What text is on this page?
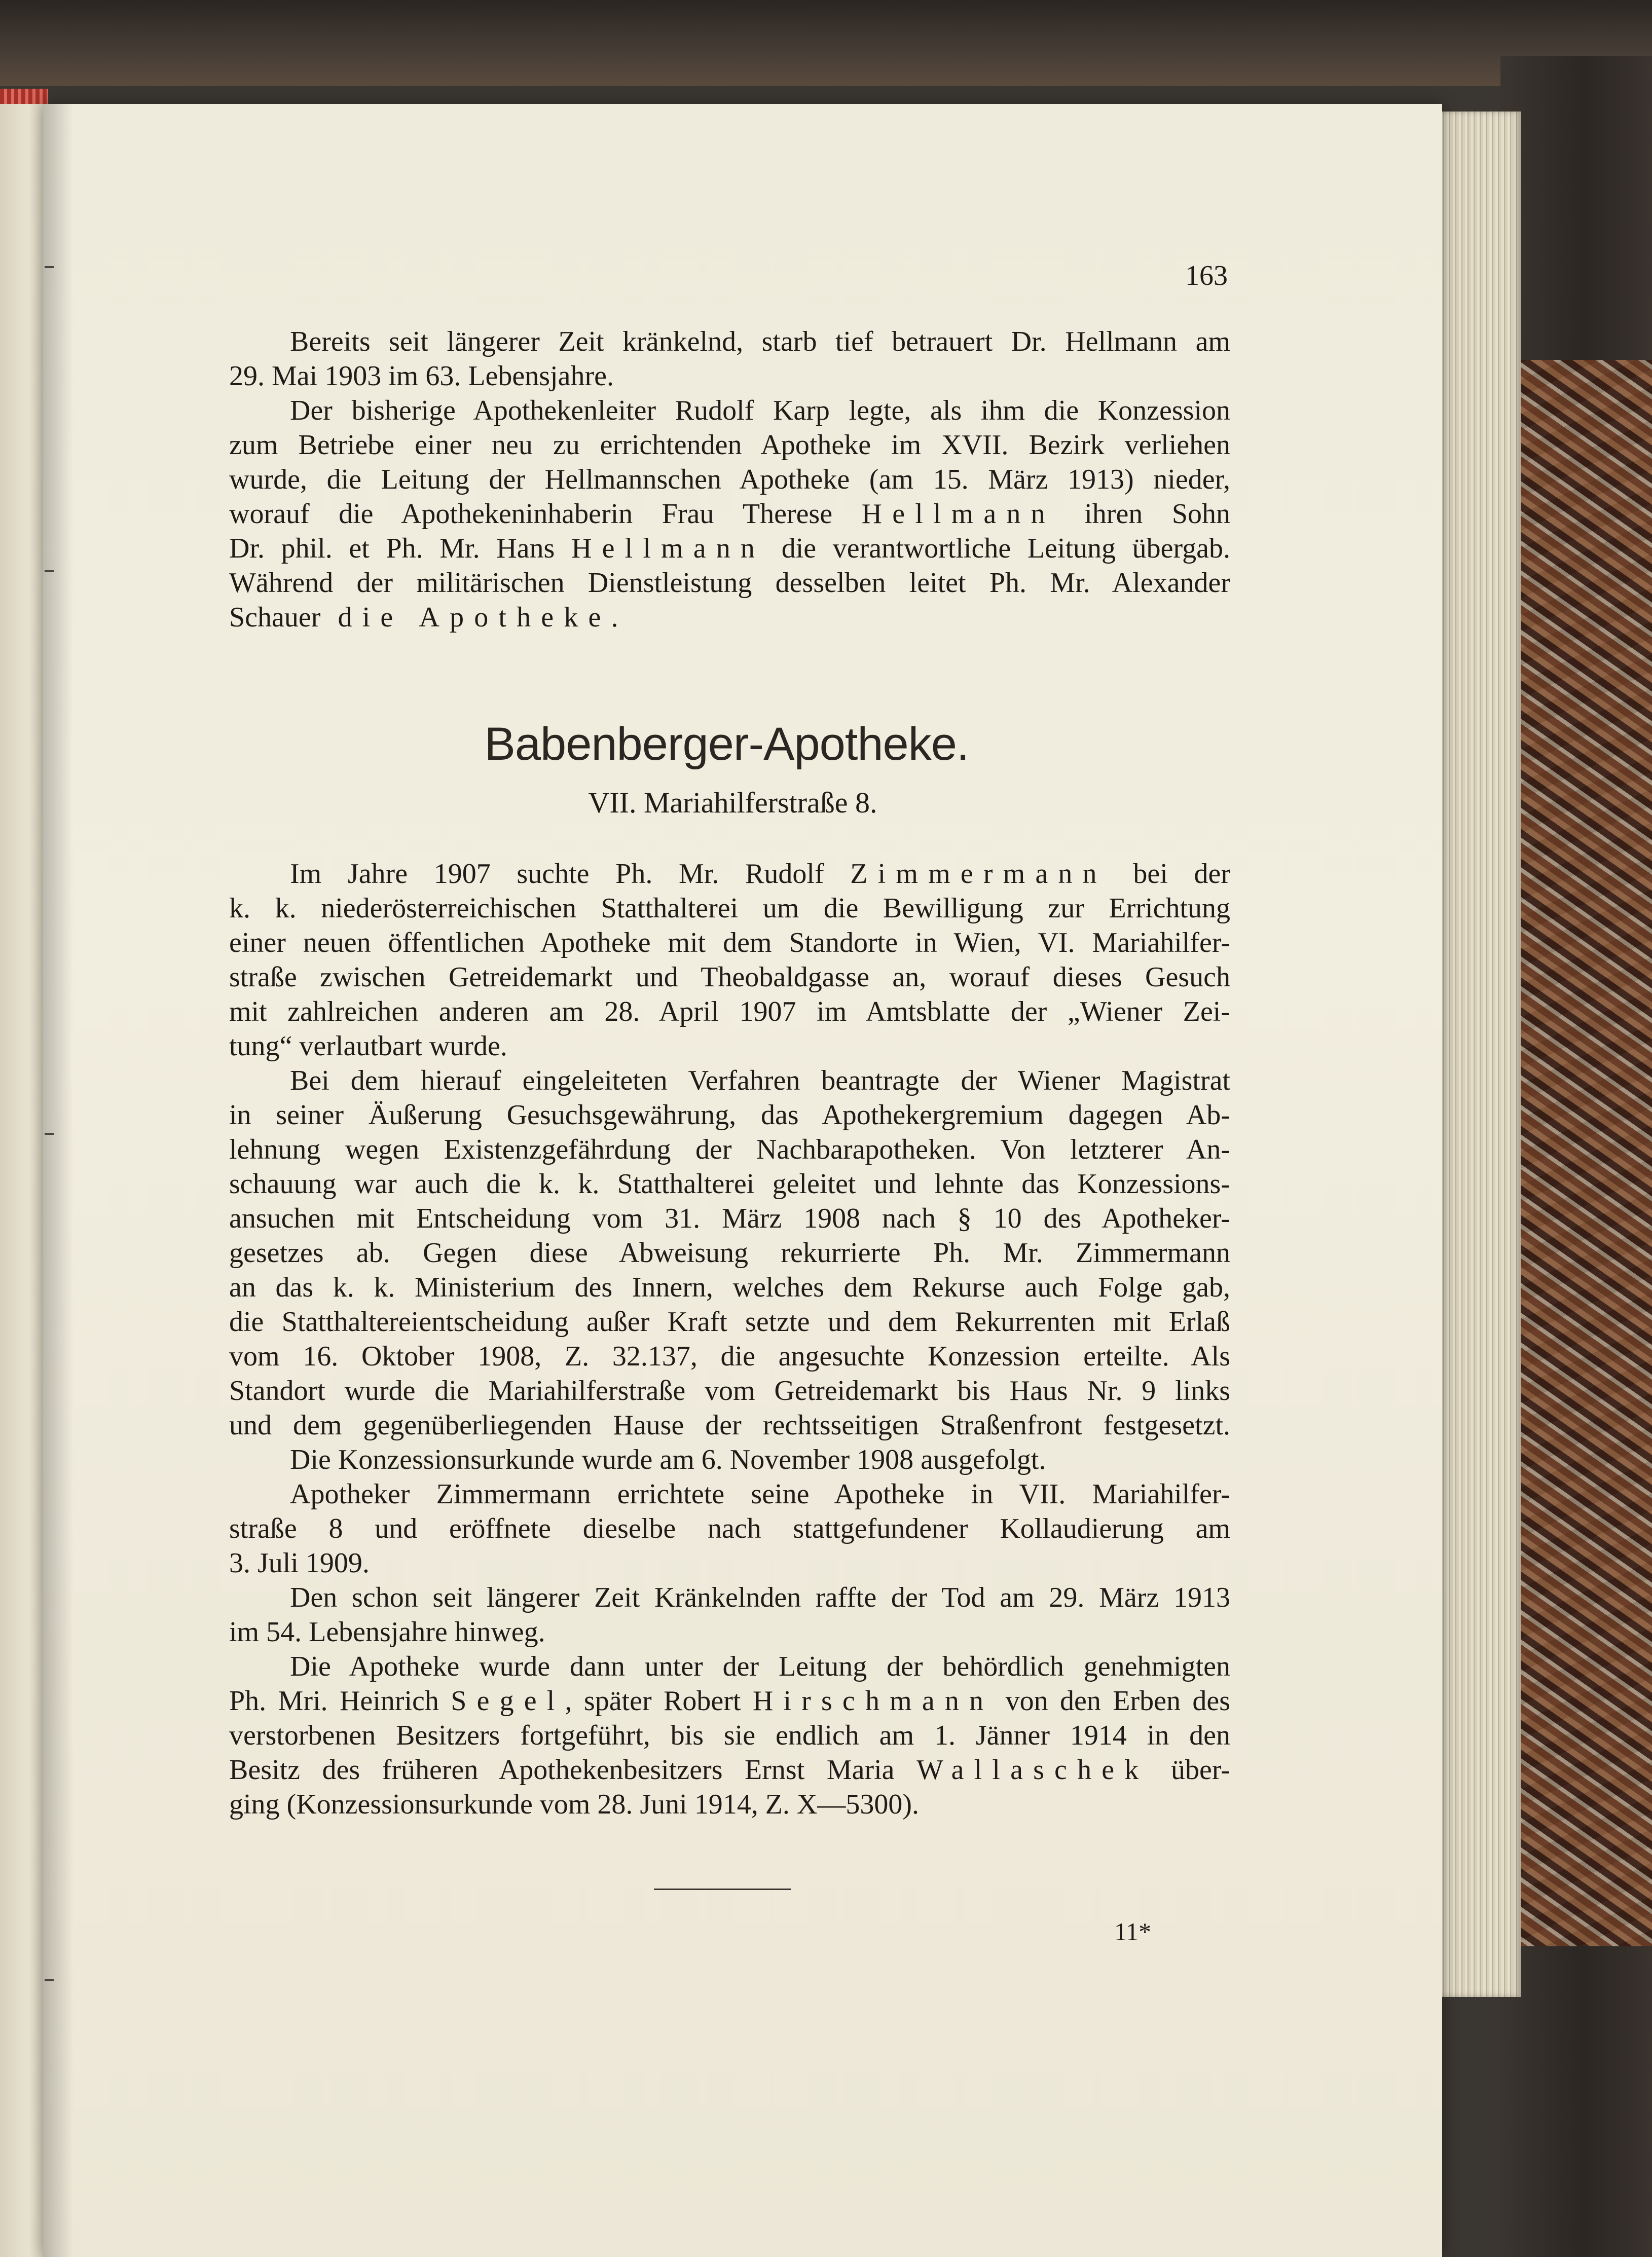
163
Bereits seit längerer Zeit kränkelnd, starb tief betrauert Dr. Hellmann am
29. Mai 1903 im 63. Lebensjahre.
Der bisherige Apothekenleiter Rudolf Karp legte, als ihm die Konzession
zum Betriebe einer neu zu errichtenden Apotheke im XVII. Bezirk verliehen
wurde, die Leitung der Hellmannschen Apotheke (am 15. März 1913) nieder,
worauf die Apothekeninhaberin Frau Therese Hellmann ihren Sohn
Dr. phil. et Ph. Mr. Hans Hellmann die verantwortliche Leitung übergab.
Während der militärischen Dienstleistung desselben leitet Ph. Mr. Alexander
Schauer die Apotheke.
Babenberger-Apotheke.
VII. Mariahilferstraße 8.
Im Jahre 1907 suchte Ph. Mr. Rudolf Zimmermann bei der
k. k. niederösterreichischen Statthalterei um die Bewilligung zur Errichtung
einer neuen öffentlichen Apotheke mit dem Standorte in Wien, VI. Mariahilfer-
straße zwischen Getreidemarkt und Theobaldgasse an, worauf dieses Gesuch
mit zahlreichen anderen am 28. April 1907 im Amtsblatte der „Wiener Zei-
tung“ verlautbart wurde.
Bei dem hierauf eingeleiteten Verfahren beantragte der Wiener Magistrat
in seiner Äußerung Gesuchsgewährung, das Apothekergremium dagegen Ab-
lehnung wegen Existenzgefährdung der Nachbarapotheken. Von letzterer An-
schauung war auch die k. k. Statthalterei geleitet und lehnte das Konzessions-
ansuchen mit Entscheidung vom 31. März 1908 nach § 10 des Apotheker-
gesetzes ab. Gegen diese Abweisung rekurrierte Ph. Mr. Zimmermann
an das k. k. Ministerium des Innern, welches dem Rekurse auch Folge gab,
die Statthaltereientscheidung außer Kraft setzte und dem Rekurrenten mit Erlaß
vom 16. Oktober 1908, Z. 32.137, die angesuchte Konzession erteilte. Als
Standort wurde die Mariahilferstraße vom Getreidemarkt bis Haus Nr. 9 links
und dem gegenüberliegenden Hause der rechtsseitigen Straßenfront festgesetzt.
Die Konzessionsurkunde wurde am 6. November 1908 ausgefolgt.
Apotheker Zimmermann errichtete seine Apotheke in VII. Mariahilfer-
straße 8 und eröffnete dieselbe nach stattgefundener Kollaudierung am
3. Juli 1909.
Den schon seit längerer Zeit Kränkelnden raffte der Tod am 29. März 1913
im 54. Lebensjahre hinweg.
Die Apotheke wurde dann unter der Leitung der behördlich genehmigten
Ph. Mri. Heinrich Segel, später Robert Hirschmann von den Erben des
verstorbenen Besitzers fortgeführt, bis sie endlich am 1. Jänner 1914 in den
Besitz des früheren Apothekenbesitzers Ernst Maria Wallaschek über-
ging (Konzessionsurkunde vom 28. Juni 1914, Z. X—5300).
11*
